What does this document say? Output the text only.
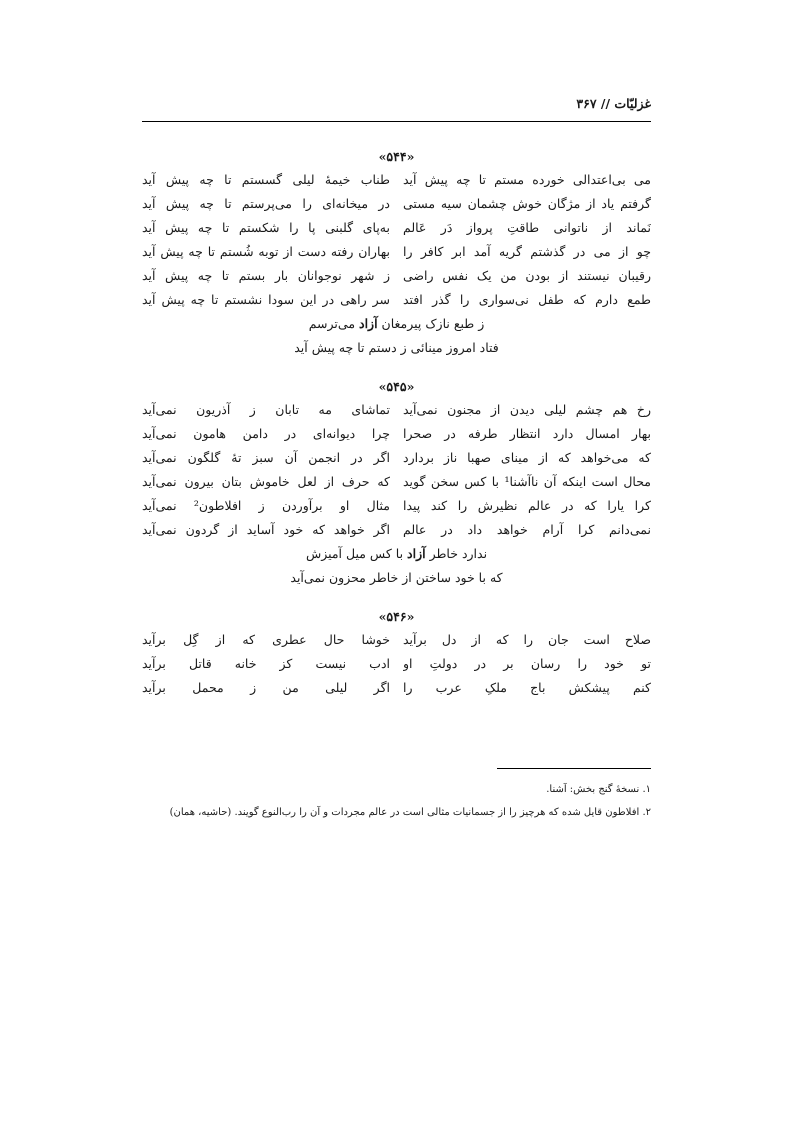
غزلیّات // ۳۶۷
«۵۴۴»
می بی‌اعتدالی خورده مستم تا چه پیش آید
طناب خیمهٔ لیلی گسستم تا چه پیش آید
گرفتم یاد از مژگان خوش چشمان سیه مستی
در میخانه‌ای را می‌پرستم تا چه پیش آید
نَماند از ناتوانی طاقتِ پرواز دَر عَالم
به‌پای گلبنی پا را شکستم تا چه پیش آید
چو از می در گذشتم گریه آمد ابر کافر را
بهاران رفته دست از توبه شُستم تا چه پیش آید
رقیبان نیستند از بودن من یک نفس راضی
ز شهر نوجوانان بار بستم تا چه پیش آید
طمع دارم که طفل نی‌سواری را گذر افتد
سر راهی در این سودا نشستم تا چه پیش آید
ز طبع نازک پیرمغان آزاد می‌ترسم
فتاد امروز مینائی ز دستم تا چه پیش آید
«۵۴۵»
رخ هم چشم لیلی دیدن از مجنون نمی‌آید
تماشای مه تابان ز آذریون نمی‌آید
بهار امسال دارد انتظار طرفه در صحرا
چرا دیوانه‌ای در دامن هامون نمی‌آید
که می‌خواهد که از مینای صهبا ناز بردارد
اگر در انجمن آن سبز تهٔ گلگون نمی‌آید
محال است اینکه آن ناآشنا¹ با کس سخن گوید
که حرف از لعل خاموش بتان بیرون نمی‌آید
کرا یارا که در عالم نظیرش را کند پیدا
مثال او برآوردن ز افلاطون² نمی‌آید
نمی‌دانم کرا آرام خواهد داد در عالم
اگر خواهد که خود آساید از گردون نمی‌آید
ندارد خاطر آزاد با کس میل آمیزش
که با خود ساختن از خاطر محزون نمی‌آید
«۵۴۶»
صلاح است جان را که از دل برآید
خوشا حال عطری که از گِل برآید
تو خود را رسان بر در دولتِ او
ادب نیست کز خانه قاتل برآید
کنم پیشکش باج ملکِ عرب را
اگر لیلی من ز محمل برآید
۱. نسخهٔ گنج بخش: آشنا.
۲. افلاطون قایل شده که هرچیز را از جسمانیات مثالی است در عالم مجردات و آن را رب‌النوع گویند. (حاشیه، همان)
